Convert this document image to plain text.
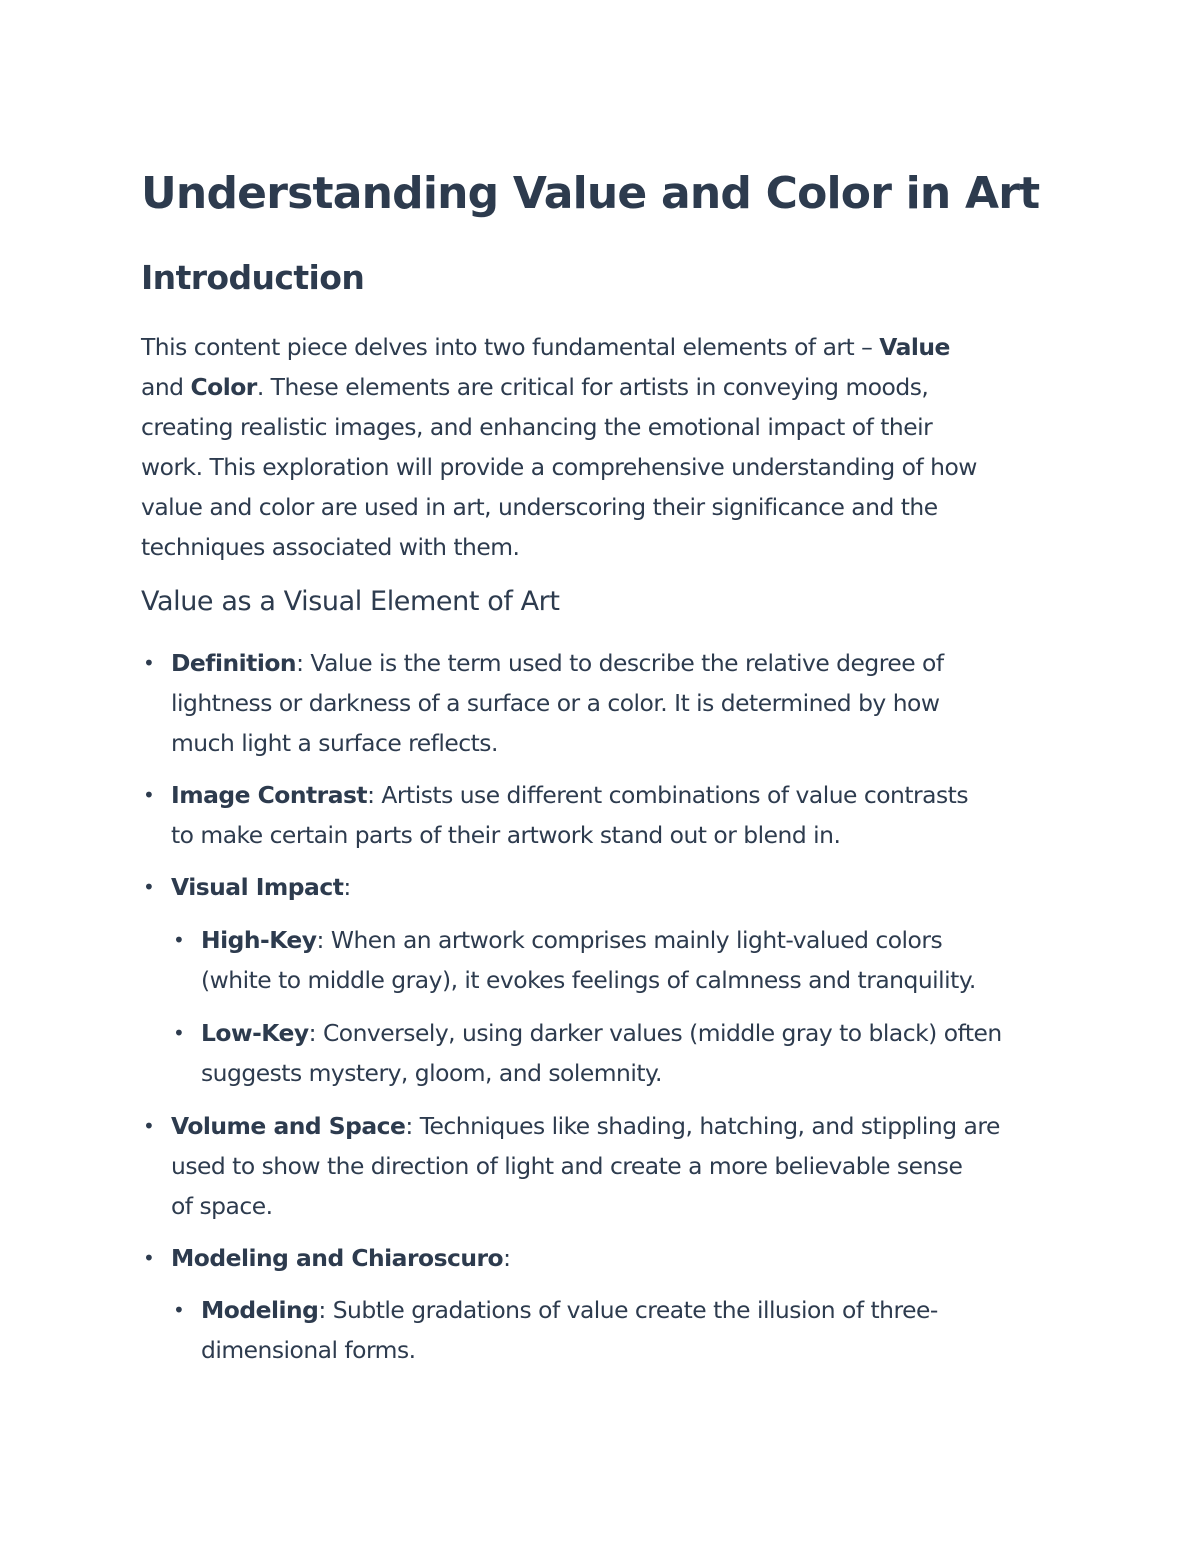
Understanding Value and Color in Art
Introduction

This content piece delves into two fundamental elements of art – Value
and Color. These elements are critical for artists in conveying moods,
creating realistic images, and enhancing the emotional impact of their
work. This exploration will provide a comprehensive understanding of how
value and color are used in art, underscoring their significance and the
techniques associated with them.

Value as a Visual Element of Art
• Definition: Value is the term used to describe the relative degree of
lightness or darkness of a surface or a color. It is determined by how
much light a surface reflects.
• Image Contrast: Artists use different combinations of value contrasts
to make certain parts of their artwork stand out or blend in.
• Visual Impact:
• High-Key: When an artwork comprises mainly light-valued colors
(white to middle gray), it evokes feelings of calmness and tranquility.
• Low-Key: Conversely, using darker values (middle gray to black) often
suggests mystery, gloom, and solemnity.
• Volume and Space: Techniques like shading, hatching, and stippling are
used to show the direction of light and create a more believable sense
of space.
• Modeling and Chiaroscuro:
• Modeling: Subtle gradations of value create the illusion of three-
dimensional forms.
